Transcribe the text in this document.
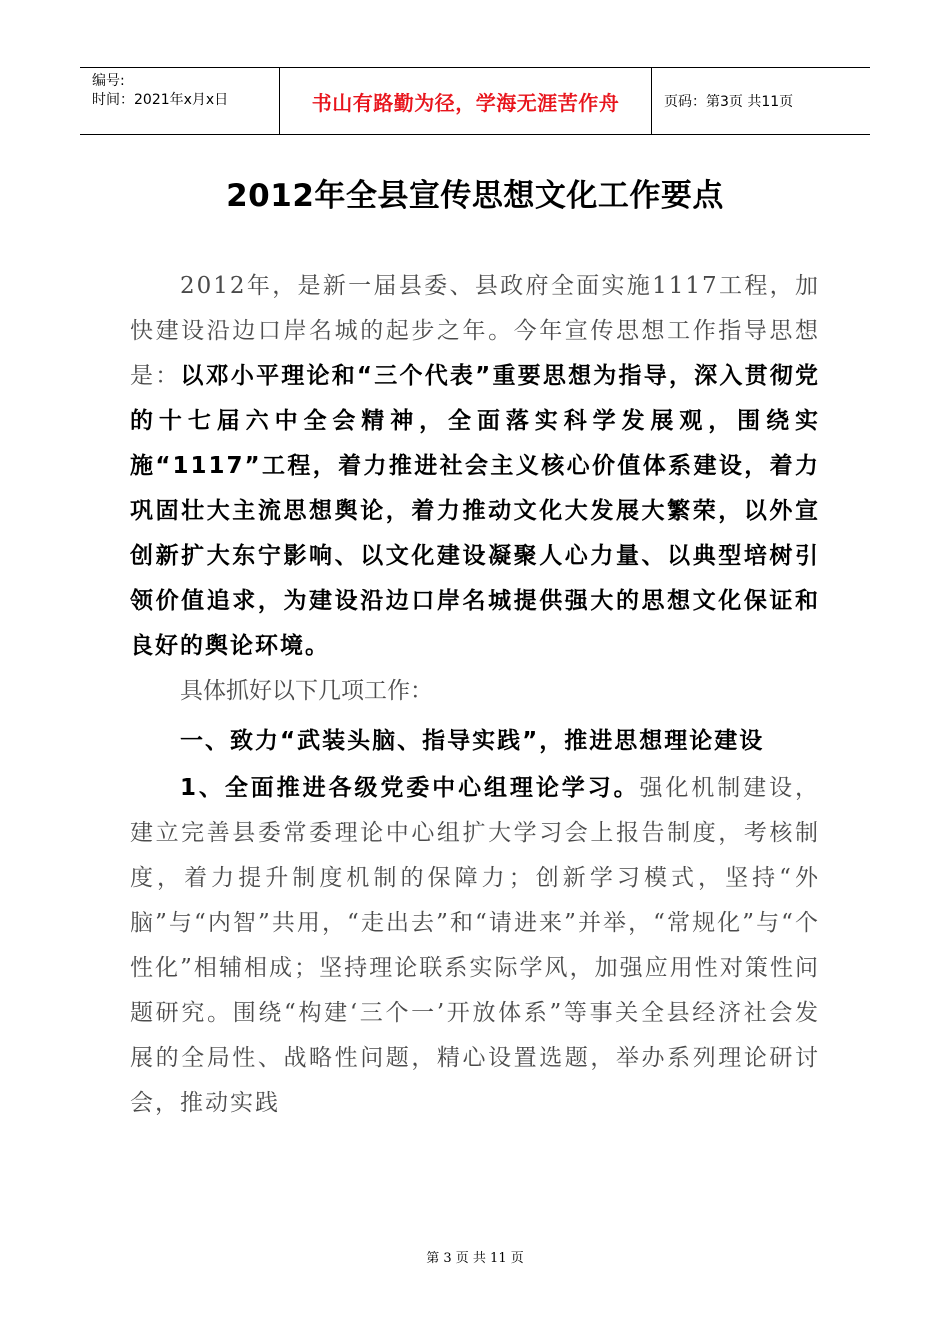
编号:
时间：2021年x月x日	书山有路勤为径，学海无涯苦作舟	页码：第3页 共11页
2012年全县宣传思想文化工作要点

2012年，是新一届县委、县政府全面实施1117工程，加快建设沿边口岸名城的起步之年。今年宣传思想工作指导思想是：以邓小平理论和“三个代表”重要思想为指导，深入贯彻党的十七届六中全会精神，全面落实科学发展观，围绕实施“1117”工程，着力推进社会主义核心价值体系建设，着力巩固壮大主流思想舆论，着力推动文化大发展大繁荣，以外宣创新扩大东宁影响、以文化建设凝聚人心力量、以典型培树引领价值追求，为建设沿边口岸名城提供强大的思想文化保证和良好的舆论环境。

具体抓好以下几项工作：

一、致力“武装头脑、指导实践”，推进思想理论建设

1、全面推进各级党委中心组理论学习。强化机制建设，建立完善县委常委理论中心组扩大学习会上报告制度，考核制度，着力提升制度机制的保障力；创新学习模式，坚持“外脑”与“内智”共用，“走出去”和“请进来”并举，“常规化”与“个性化”相辅相成；坚持理论联系实际学风，加强应用性对策性问题研究。围绕“构建‘三个一’开放体系”等事关全县经济社会发展的全局性、战略性问题，精心设置选题，举办系列理论研讨会，推动实践

第 3 页 共 11 页
